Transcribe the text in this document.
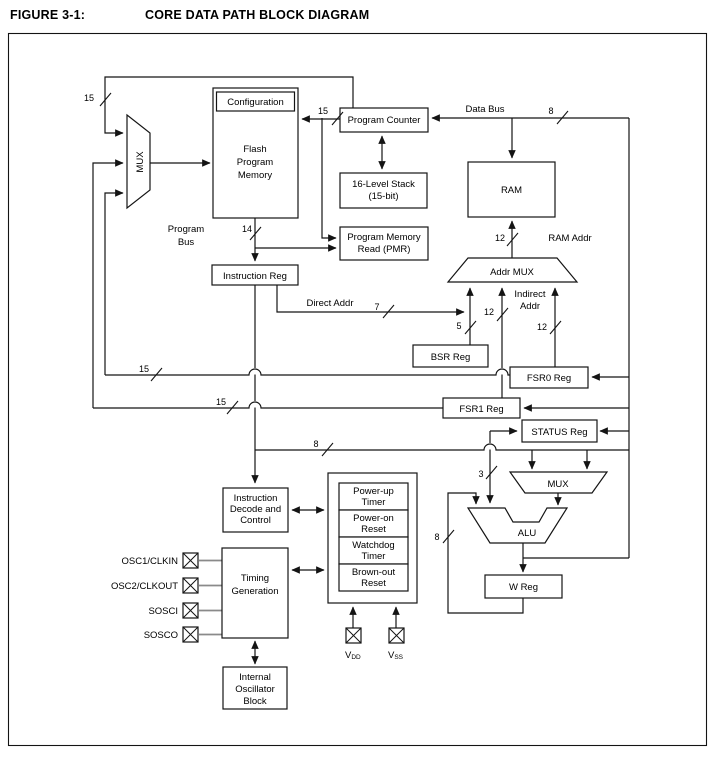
FIGURE 3-1:	CORE DATA PATH BLOCK DIAGRAM
Configuration
Flash
Program
Memory
Program Counter
16-Level Stack
(15-bit)
RAM
Program Memory
Read (PMR)
Instruction Reg
BSR Reg
FSR0 Reg
FSR1 Reg
STATUS Reg
W Reg
Instruction
Decode and
Control
Power-up
Timer
Power-on
Reset
Watchdog
Timer
Brown-out
Reset
Timing
Generation
Internal
Oscillator
Block
MUX
Addr MUX
MUX
ALU
Data Bus
Program
Bus	RAM Addr
Indirect
Addr
Direct Addr
15
15
14
8
7
5
12
12
12
15
15
8
3
8
OSC1/CLKIN
OSC2/CLKOUT
SOSCI
SOSCO
VDD	VSS
